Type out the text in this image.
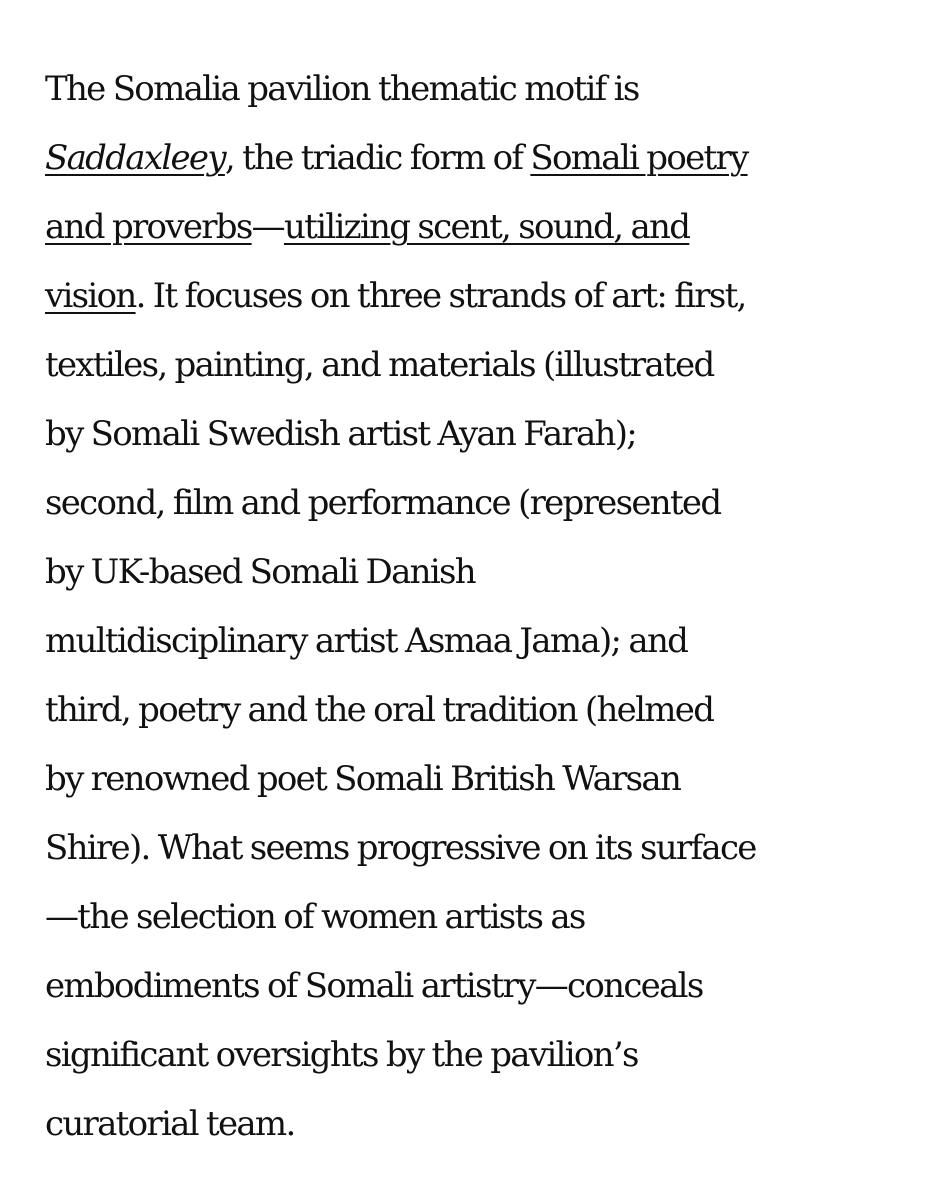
The Somalia pavilion thematic motif is
Saddaxleey, the triadic form of Somali poetry
and proverbs—utilizing scent, sound, and
vision. It focuses on three strands of art: first,
textiles, painting, and materials (illustrated
by Somali Swedish artist Ayan Farah);
second, film and performance (represented
by UK-based Somali Danish
multidisciplinary artist Asmaa Jama); and
third, poetry and the oral tradition (helmed
by renowned poet Somali British Warsan
Shire). What seems progressive on its surface
—the selection of women artists as
embodiments of Somali artistry—conceals
significant oversights by the pavilion’s
curatorial team.
